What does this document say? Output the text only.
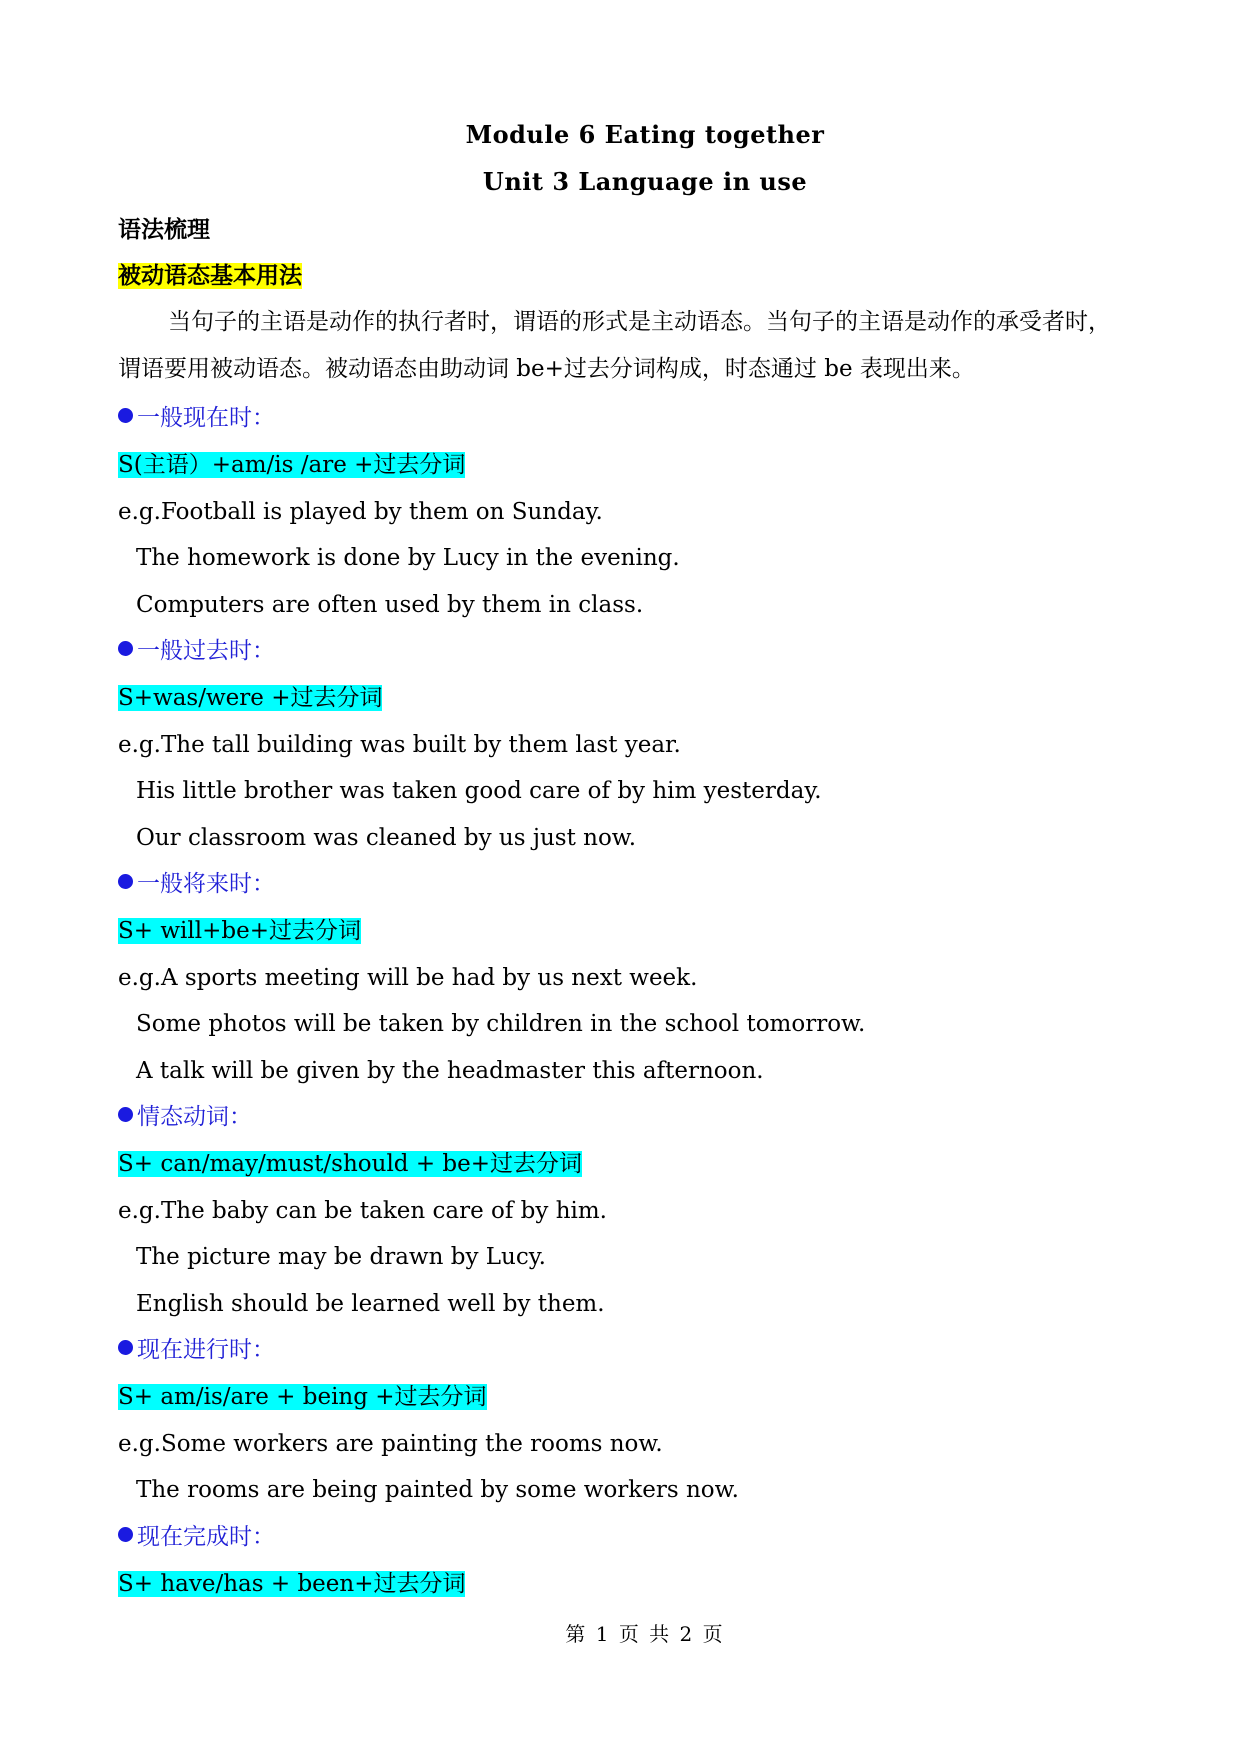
Module 6 Eating together
Unit 3 Language in use
语法梳理
被动语态基本用法
当句子的主语是动作的执行者时，谓语的形式是主动语态。当句子的主语是动作的承受者时，谓语要用被动语态。被动语态由助动词 be+过去分词构成，时态通过 be 表现出来。
一般现在时：
S(主语）+am/is /are +过去分词
e.g.Football is played by them on Sunday.
The homework is done by Lucy in the evening.
Computers are often used by them in class.
一般过去时：
S+was/were +过去分词
e.g.The tall building was built by them last year.
His little brother was taken good care of by him yesterday.
Our classroom was cleaned by us just now.
一般将来时：
S+ will+be+过去分词
e.g.A sports meeting will be had by us next week.
Some photos will be taken by children in the school tomorrow.
A talk will be given by the headmaster this afternoon.
情态动词：
S+ can/may/must/should + be+过去分词
e.g.The baby can be taken care of by him.
The picture may be drawn by Lucy.
English should be learned well by them.
现在进行时：
S+ am/is/are + being +过去分词
e.g.Some workers are painting the rooms now.
The rooms are being painted by some workers now.
现在完成时：
S+ have/has + been+过去分词
第 1 页 共 2 页
